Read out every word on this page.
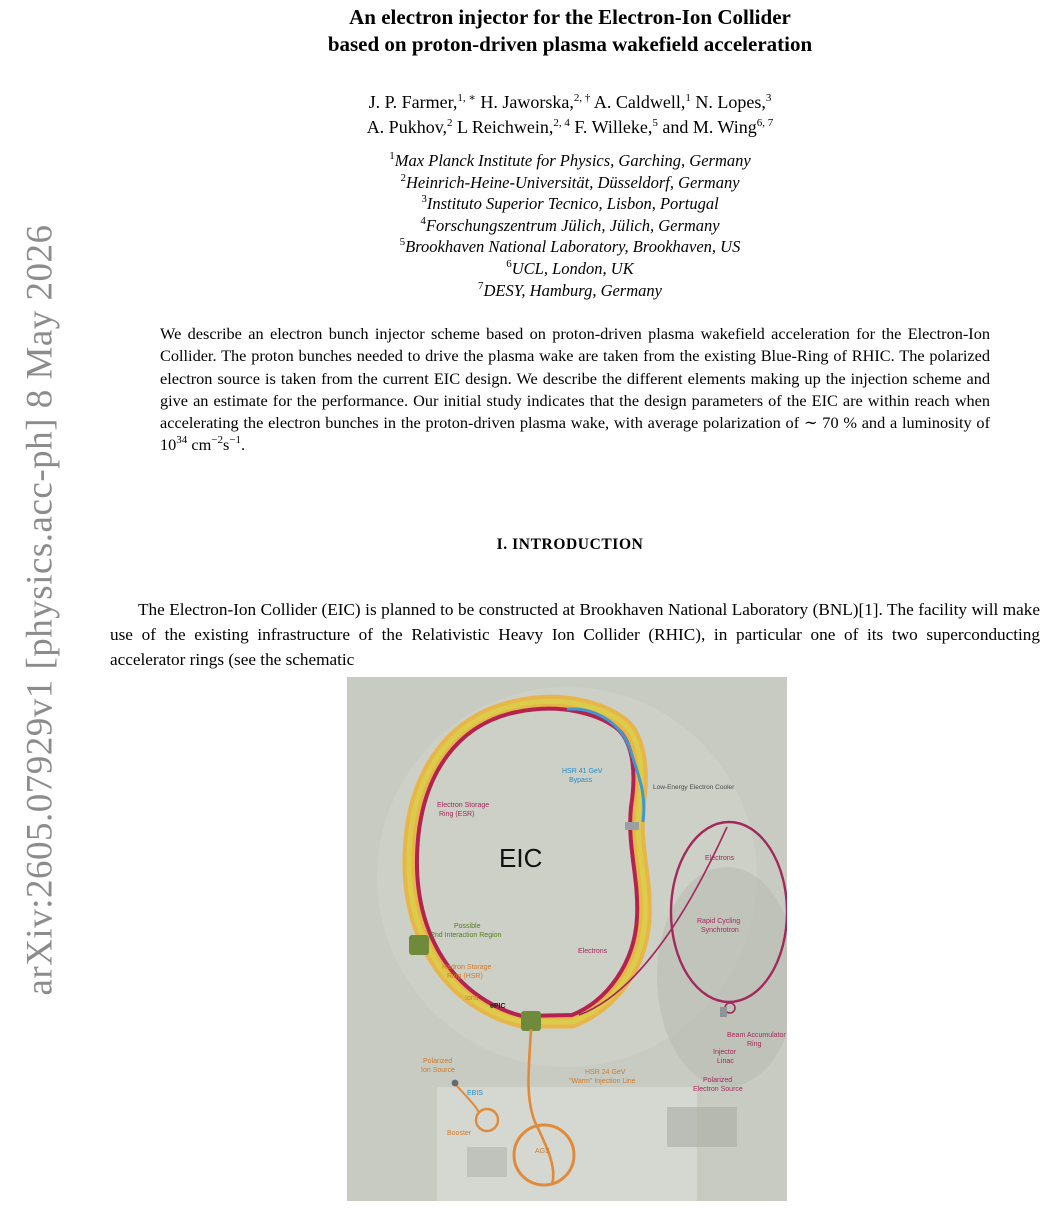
arXiv:2605.07929v1 [physics.acc-ph] 8 May 2026
An electron injector for the Electron-Ion Collider
based on proton-driven plasma wakefield acceleration
J. P. Farmer,$^{1, ∗}$ H. Jaworska,$^{2, \dagger}$ A. Caldwell,$^1$ N. Lopes,$^3$
A. Pukhov,$^2$ L Reichwein,$^{2, 4}$ F. Willeke,$^5$ and M. Wing$^{6, 7}$
$^1$Max Planck Institute for Physics, Garching, Germany
$^2$Heinrich-Heine-Universität, Düsseldorf, Germany
$^3$Instituto Superior Tecnico, Lisbon, Portugal
$^4$Forschungszentrum Jülich, Jülich, Germany
$^5$Brookhaven National Laboratory, Brookhaven, US
$^6$UCL, London, UK
$^7$DESY, Hamburg, Germany
We describe an electron bunch injector scheme based on proton-driven plasma wakefield acceleration for the Electron-Ion Collider. The proton bunches needed to drive the plasma wake are taken from the existing Blue-Ring of RHIC. The polarized electron source is taken from the current EIC design. We describe the different elements making up the injection scheme and give an estimate for the performance. Our initial study indicates that the design parameters of the EIC are within reach when accelerating the electron bunches in the proton-driven plasma wake, with average polarization of ∼ 70 % and a luminosity of $10^{34}$ $cm^{-2}s^{-1}$.
I. INTRODUCTION
The Electron-Ion Collider (EIC) is planned to be constructed at Brookhaven National Laboratory (BNL)[1]. The facility will make use of the existing infrastructure of the Relativistic Heavy Ion Collider (RHIC), in particular one of its two superconducting accelerator rings (see the schematic
EIC
HSR 41 GeV
Bypass
Low-Energy Electron Cooler
Electron Storage
Ring (ESR)
Possible
2nd Interaction Region
Hadron Storage
Ring (HSR)
Ions
ePIC
Electrons
Electrons
Rapid Cycling
Synchrotron
Beam Accumulator
Ring
Injector
Linac
Polarized
Electron Source
Polarized
Ion Source
EBIS
Booster
AGS
HSR 24 GeV
"Warm" Injection Line
